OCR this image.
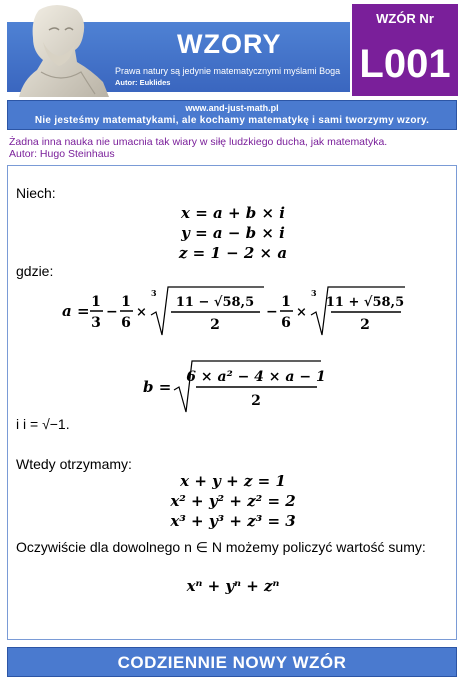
WZORY
Prawa natury są jedynie matematycznymi myślami Boga
Autor: Euklides
WZÓR Nr
L001
www.and-just-math.pl
Nie jesteśmy matematykami, ale kochamy matematykę i sami tworzymy wzory.
Żadna inna nauka nie umacnia tak wiary w siłę ludzkiego ducha, jak matematyka.
Autor: Hugo Steinhaus
Niech:
x = a + b × i
y = a − b × i
z = 1 − 2 × a
gdzie:
a = 1
3
−
1
6
×
3
11 − √58,5
2
−
1
6
×
3
11 + √58,5
2
b =
6 × a² − 4 × a − 1
2
i i = √−1.
Wtedy otrzymamy:
x + y + z = 1
x² + y² + z² = 2
x³ + y³ + z³ = 3
Oczywiście dla dowolnego n ∈ N możemy policzyć wartość sumy:
xⁿ + yⁿ + zⁿ
CODZIENNIE NOWY WZÓR
